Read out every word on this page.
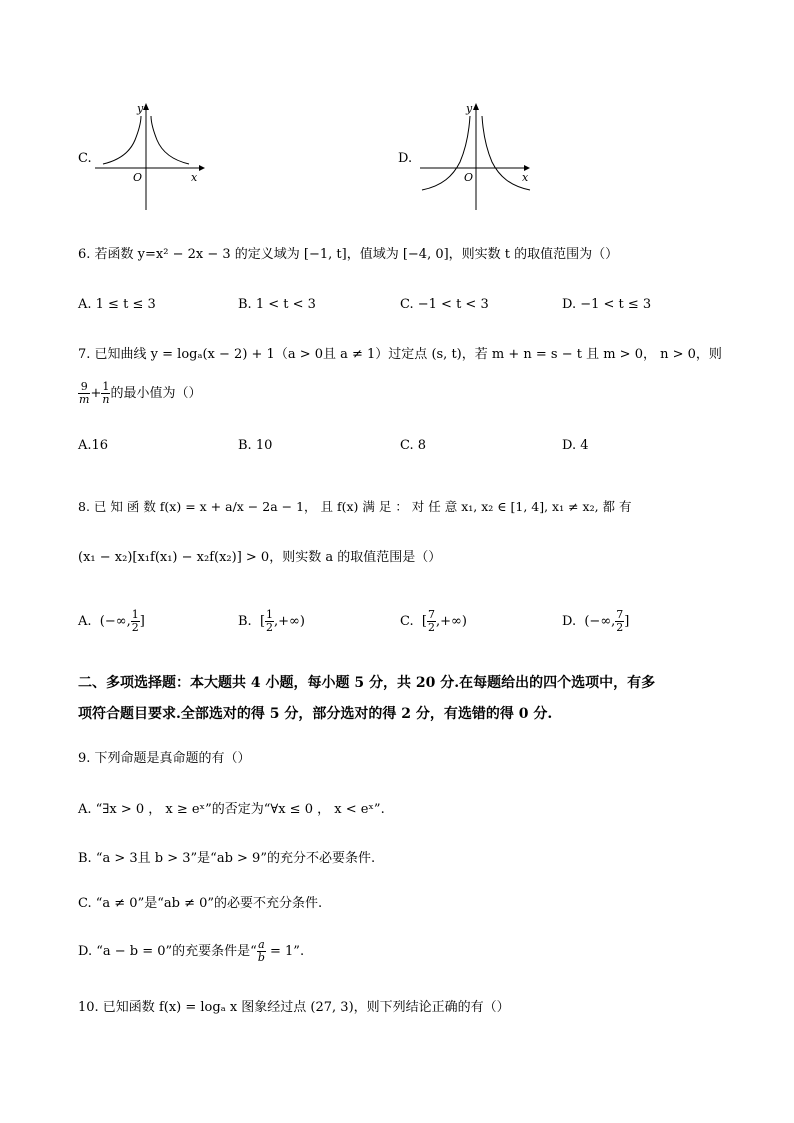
C.
O	x
y
D.
O	x
y
6. 若函数 y=x² − 2x − 3 的定义域为 [−1, t]，值域为 [−4, 0]，则实数 t 的取值范围为（）
A. 1 ≤ t ≤ 3	B. 1 < t < 3	C. −1 < t < 3	D. −1 < t ≤ 3
7. 已知曲线 y = logₐ(x − 2) + 1（a > 0且 a ≠ 1）过定点 (s, t)，若 m + n = s − t 且 m > 0， n > 0，则
$\frac{9}{m} + \frac{1}{n}$ 的最小值为（）
A.16	B. 10	C. 8	D. 4
8. 已 知 函 数 f(x) = x + a/x − 2a − 1， 且 f(x) 满 足 ： 对 任 意 x₁, x₂ ∈ [1, 4], x₁ ≠ x₂, 都 有
(x₁ − x₂)[x₁f(x₁) − x₂f(x₂)] > 0，则实数 a 的取值范围是（）
A. (−∞, $\frac{1}{2}$ ]	B. [ $\frac{1}{2}$ ,+∞)	C. [ $\frac{7}{2}$ ,+∞)	D. (−∞, $\frac{7}{2}$ ]
二、多项选择题：本大题共 4 小题，每小题 5 分，共 20 分.在每题给出的四个选项中，有多
项符合题目要求.全部选对的得 5 分，部分选对的得 2 分，有选错的得 0 分.
9. 下列命题是真命题的有（）
A. “∃x > 0 ， x ≥ eˣ”的否定为“∀x ≤ 0 ， x < eˣ”.
B. “a > 3且 b > 3”是“ab > 9”的充分不必要条件.
C. “a ≠ 0”是“ab ≠ 0”的必要不充分条件.
D. “a − b = 0”的充要条件是“ $\frac{a}{b} = 1$”.
10. 已知函数 f(x) = logₐ x 图象经过点 (27, 3)，则下列结论正确的有（）
